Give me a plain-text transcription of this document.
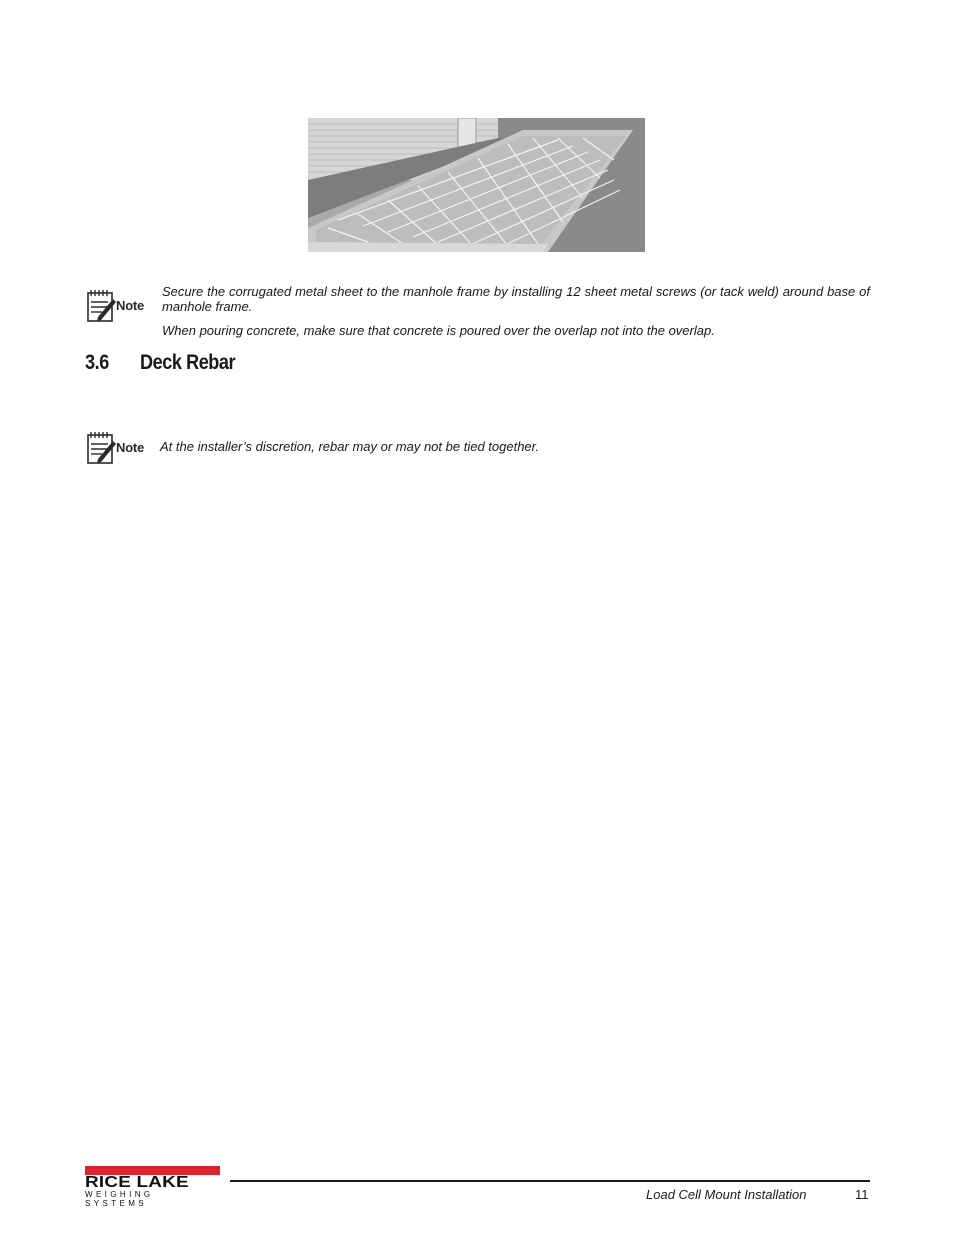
Note

Secure the corrugated metal sheet to the manhole frame by installing 12 sheet metal screws (or tack weld) around base of manhole frame.

When pouring concrete, make sure that concrete is poured over the overlap not into the overlap.

3.6 Deck Rebar
Note At the installer’s discretion, rebar may or may not be tied together.

RICE LAKE
WEIGHING SYSTEMS
Load Cell Mount Installation	11
